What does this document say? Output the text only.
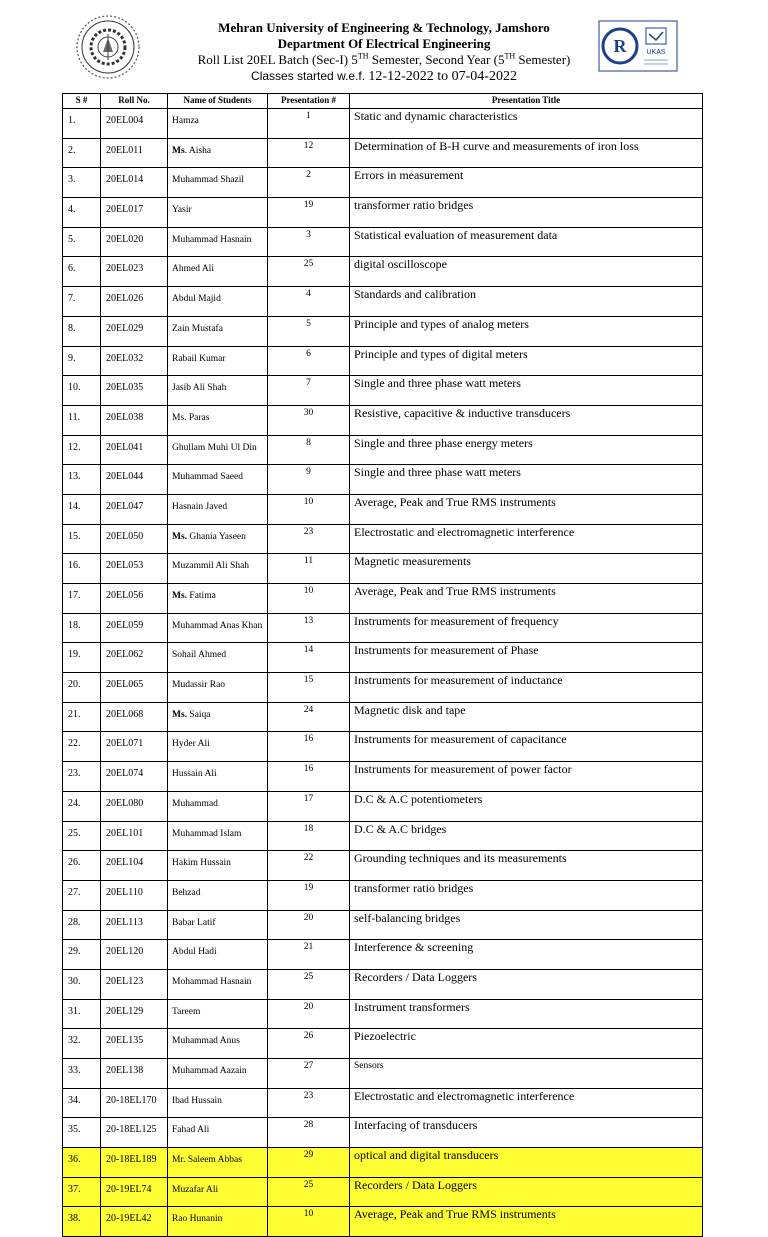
R	UKAS
Mehran University of Engineering & Technology, Jamshoro
Department Of Electrical Engineering
Roll List 20EL Batch (Sec-I) 5TH Semester, Second Year (5TH Semester)
Classes started w.e.f. 12-12-2022 to 07-04-2022
S #	Roll No.	Name of Students	Presentation #	Presentation Title
1.	20EL004	Hamza	1	Static and dynamic characteristics
2.	20EL011	Ms. Aisha	12	Determination of B-H curve and measurements of iron loss
3.	20EL014	Muhammad Shazil	2	Errors in measurement
4.	20EL017	Yasir	19	transformer ratio bridges
5.	20EL020	Muhammad Hasnain	3	Statistical evaluation of measurement data
6.	20EL023	Ahmed Ali	25	digital oscilloscope
7.	20EL026	Abdul Majid	4	Standards and calibration
8.	20EL029	Zain Mustafa	5	Principle and types of analog meters
9.	20EL032	Rabail Kumar	6	Principle and types of digital meters
10.	20EL035	Jasib Ali Shah	7	Single and three phase watt meters
11.	20EL038	Ms. Paras	30	Resistive, capacitive & inductive transducers
12.	20EL041	Ghullam Muhi Ul Din	8	Single and three phase energy meters
13.	20EL044	Muhammad Saeed	9	Single and three phase watt meters
14.	20EL047	Hasnain Javed	10	Average, Peak and True RMS instruments
15.	20EL050	Ms. Ghania Yaseen	23	Electrostatic and electromagnetic interference
16.	20EL053	Muzammil Ali Shah	11	Magnetic measurements
17.	20EL056	Ms. Fatima	10	Average, Peak and True RMS instruments
18.	20EL059	Muhammad Anas Khan	13	Instruments for measurement of frequency
19.	20EL062	Sohail Ahmed	14	Instruments for measurement of Phase
20.	20EL065	Mudassir Rao	15	Instruments for measurement of inductance
21.	20EL068	Ms. Saiqa	24	Magnetic disk and tape
22.	20EL071	Hyder Ali	16	Instruments for measurement of capacitance
23.	20EL074	Hussain Ali	16	Instruments for measurement of power factor
24.	20EL080	Muhammad	17	D.C & A.C potentiometers
25.	20EL101	Muhammad Islam	18	D.C & A.C bridges
26.	20EL104	Hakim Hussain	22	Grounding techniques and its measurements
27.	20EL110	Behzad	19	transformer ratio bridges
28.	20EL113	Babar Latif	20	self-balancing bridges
29.	20EL120	Abdul Hadi	21	Interference & screening
30.	20EL123	Mohammad Hasnain	25	Recorders / Data Loggers
31.	20EL129	Tareem	20	Instrument transformers
32.	20EL135	Muhammad Anus	26	Piezoelectric
33.	20EL138	Muhammad Aazain	27	Sensors
34.	20-18EL170	Ibad Hussain	23	Electrostatic and electromagnetic interference
35.	20-18EL125	Fahad Ali	28	Interfacing of transducers
36.	20-18EL189	Mr. Saleem Abbas	29	optical and digital transducers
37.	20-19EL74	Muzafar Ali	25	Recorders / Data Loggers
38.	20-19EL42	Rao Hunanin	10	Average, Peak and True RMS instruments
